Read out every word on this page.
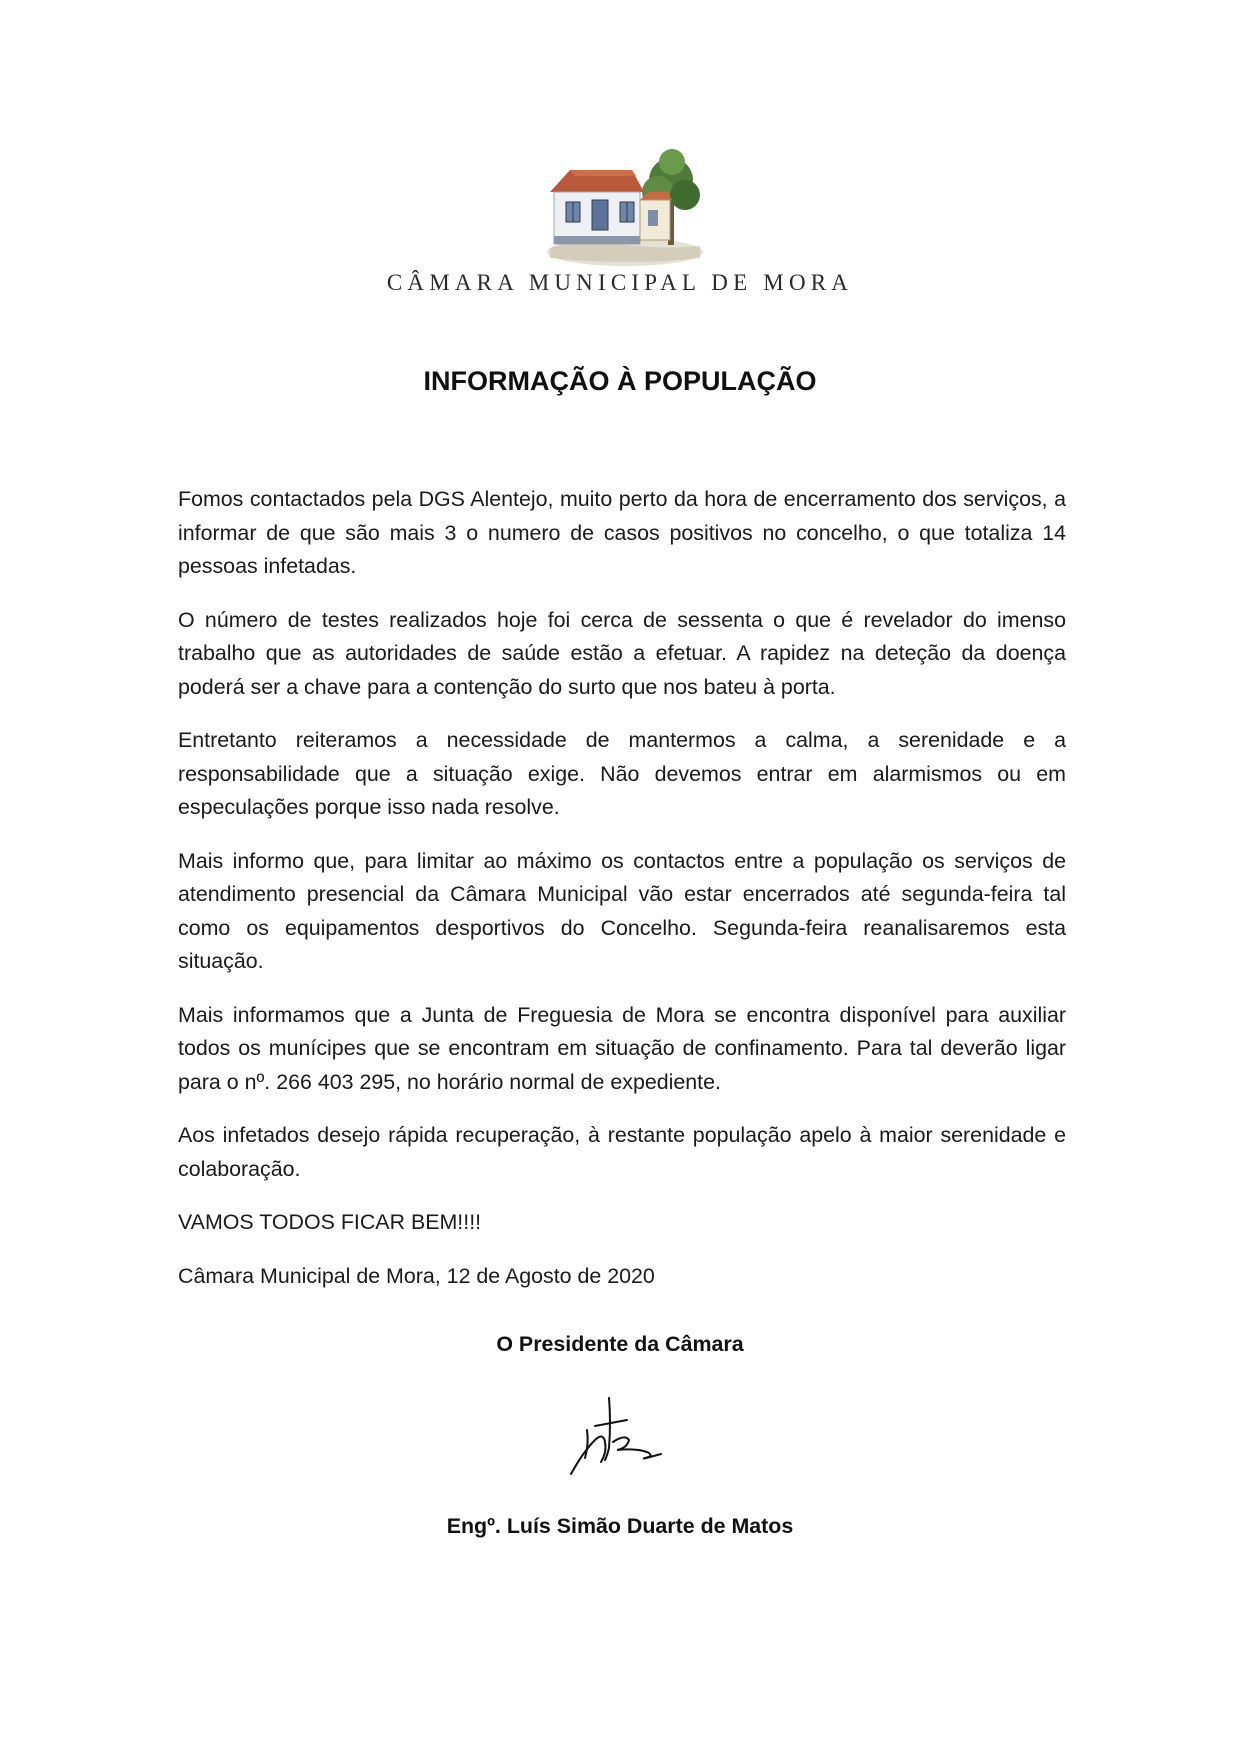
CÂMARA MUNICIPAL DE MORA
INFORMAÇÃO À POPULAÇÃO

Fomos contactados pela DGS Alentejo, muito perto da hora de encerramento dos serviços, a informar de que são mais 3 o numero de casos positivos no concelho, o que totaliza 14 pessoas infetadas.

O número de testes realizados hoje foi cerca de sessenta o que é revelador do imenso trabalho que as autoridades de saúde estão a efetuar. A rapidez na deteção da doença poderá ser a chave para a contenção do surto que nos bateu à porta.

Entretanto reiteramos a necessidade de mantermos a calma, a serenidade e a responsabilidade que a situação exige. Não devemos entrar em alarmismos ou em especulações porque isso nada resolve.

Mais informo que, para limitar ao máximo os contactos entre a população os serviços de atendimento presencial da Câmara Municipal vão estar encerrados até segunda-feira tal como os equipamentos desportivos do Concelho. Segunda-feira reanalisaremos esta situação.

Mais informamos que a Junta de Freguesia de Mora se encontra disponível para auxiliar todos os munícipes que se encontram em situação de confinamento. Para tal deverão ligar para o nº. 266 403 295, no horário normal de expediente.

Aos infetados desejo rápida recuperação, à restante população apelo à maior serenidade e colaboração.

VAMOS TODOS FICAR BEM!!!!

Câmara Municipal de Mora, 12 de Agosto de 2020

O Presidente da Câmara
Engº. Luís Simão Duarte de Matos
